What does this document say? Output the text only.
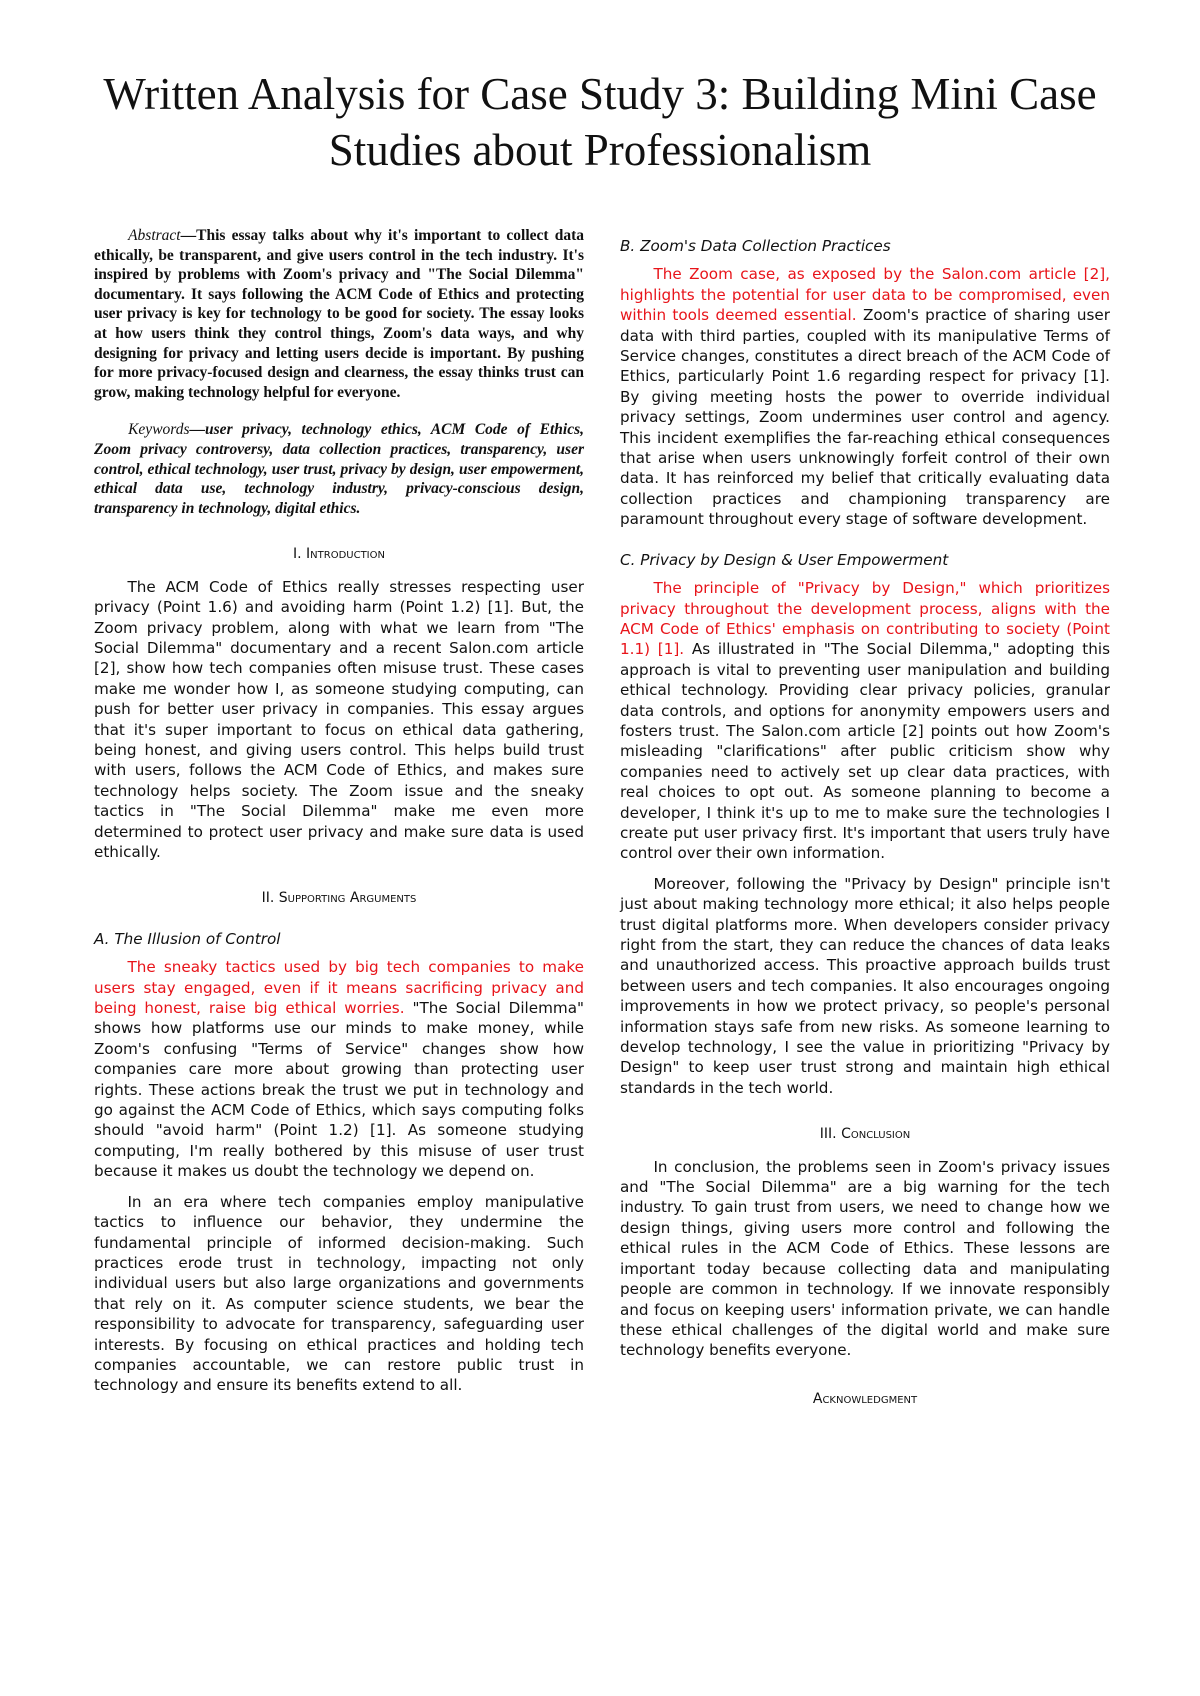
Written Analysis for Case Study 3: Building Mini Case Studies about Professionalism

Abstract—This essay talks about why it's important to collect data ethically, be transparent, and give users control in the tech industry. It's inspired by problems with Zoom's privacy and "The Social Dilemma" documentary. It says following the ACM Code of Ethics and protecting user privacy is key for technology to be good for society. The essay looks at how users think they control things, Zoom's data ways, and why designing for privacy and letting users decide is important. By pushing for more privacy-focused design and clearness, the essay thinks trust can grow, making technology helpful for everyone.

Keywords—user privacy, technology ethics, ACM Code of Ethics, Zoom privacy controversy, data collection practices, transparency, user control, ethical technology, user trust, privacy by design, user empowerment, ethical data use, technology industry, privacy-conscious design, transparency in technology, digital ethics.

I. Introduction

The ACM Code of Ethics really stresses respecting user privacy (Point 1.6) and avoiding harm (Point 1.2) [1]. But, the Zoom privacy problem, along with what we learn from "The Social Dilemma" documentary and a recent Salon.com article [2], show how tech companies often misuse trust. These cases make me wonder how I, as someone studying computing, can push for better user privacy in companies. This essay argues that it's super important to focus on ethical data gathering, being honest, and giving users control. This helps build trust with users, follows the ACM Code of Ethics, and makes sure technology helps society. The Zoom issue and the sneaky tactics in "The Social Dilemma" make me even more determined to protect user privacy and make sure data is used ethically.

II. Supporting Arguments
A. The Illusion of Control

The sneaky tactics used by big tech companies to make users stay engaged, even if it means sacrificing privacy and being honest, raise big ethical worries. "The Social Dilemma" shows how platforms use our minds to make money, while Zoom's confusing "Terms of Service" changes show how companies care more about growing than protecting user rights. These actions break the trust we put in technology and go against the ACM Code of Ethics, which says computing folks should "avoid harm" (Point 1.2) [1]. As someone studying computing, I'm really bothered by this misuse of user trust because it makes us doubt the technology we depend on.

In an era where tech companies employ manipulative tactics to influence our behavior, they undermine the fundamental principle of informed decision-making. Such practices erode trust in technology, impacting not only individual users but also large organizations and governments that rely on it. As computer science students, we bear the responsibility to advocate for transparency, safeguarding user interests. By focusing on ethical practices and holding tech companies accountable, we can restore public trust in technology and ensure its benefits extend to all.

B. Zoom's Data Collection Practices

The Zoom case, as exposed by the Salon.com article [2], highlights the potential for user data to be compromised, even within tools deemed essential. Zoom's practice of sharing user data with third parties, coupled with its manipulative Terms of Service changes, constitutes a direct breach of the ACM Code of Ethics, particularly Point 1.6 regarding respect for privacy [1]. By giving meeting hosts the power to override individual privacy settings, Zoom undermines user control and agency. This incident exemplifies the far-reaching ethical consequences that arise when users unknowingly forfeit control of their own data. It has reinforced my belief that critically evaluating data collection practices and championing transparency are paramount throughout every stage of software development.

C. Privacy by Design & User Empowerment

The principle of "Privacy by Design," which prioritizes privacy throughout the development process, aligns with the ACM Code of Ethics' emphasis on contributing to society (Point 1.1) [1]. As illustrated in "The Social Dilemma," adopting this approach is vital to preventing user manipulation and building ethical technology. Providing clear privacy policies, granular data controls, and options for anonymity empowers users and fosters trust. The Salon.com article [2] points out how Zoom's misleading "clarifications" after public criticism show why companies need to actively set up clear data practices, with real choices to opt out. As someone planning to become a developer, I think it's up to me to make sure the technologies I create put user privacy first. It's important that users truly have control over their own information.

Moreover, following the "Privacy by Design" principle isn't just about making technology more ethical; it also helps people trust digital platforms more. When developers consider privacy right from the start, they can reduce the chances of data leaks and unauthorized access. This proactive approach builds trust between users and tech companies. It also encourages ongoing improvements in how we protect privacy, so people's personal information stays safe from new risks. As someone learning to develop technology, I see the value in prioritizing "Privacy by Design" to keep user trust strong and maintain high ethical standards in the tech world.

III. Conclusion

In conclusion, the problems seen in Zoom's privacy issues and "The Social Dilemma" are a big warning for the tech industry. To gain trust from users, we need to change how we design things, giving users more control and following the ethical rules in the ACM Code of Ethics. These lessons are important today because collecting data and manipulating people are common in technology. If we innovate responsibly and focus on keeping users' information private, we can handle these ethical challenges of the digital world and make sure technology benefits everyone.

Acknowledgment
